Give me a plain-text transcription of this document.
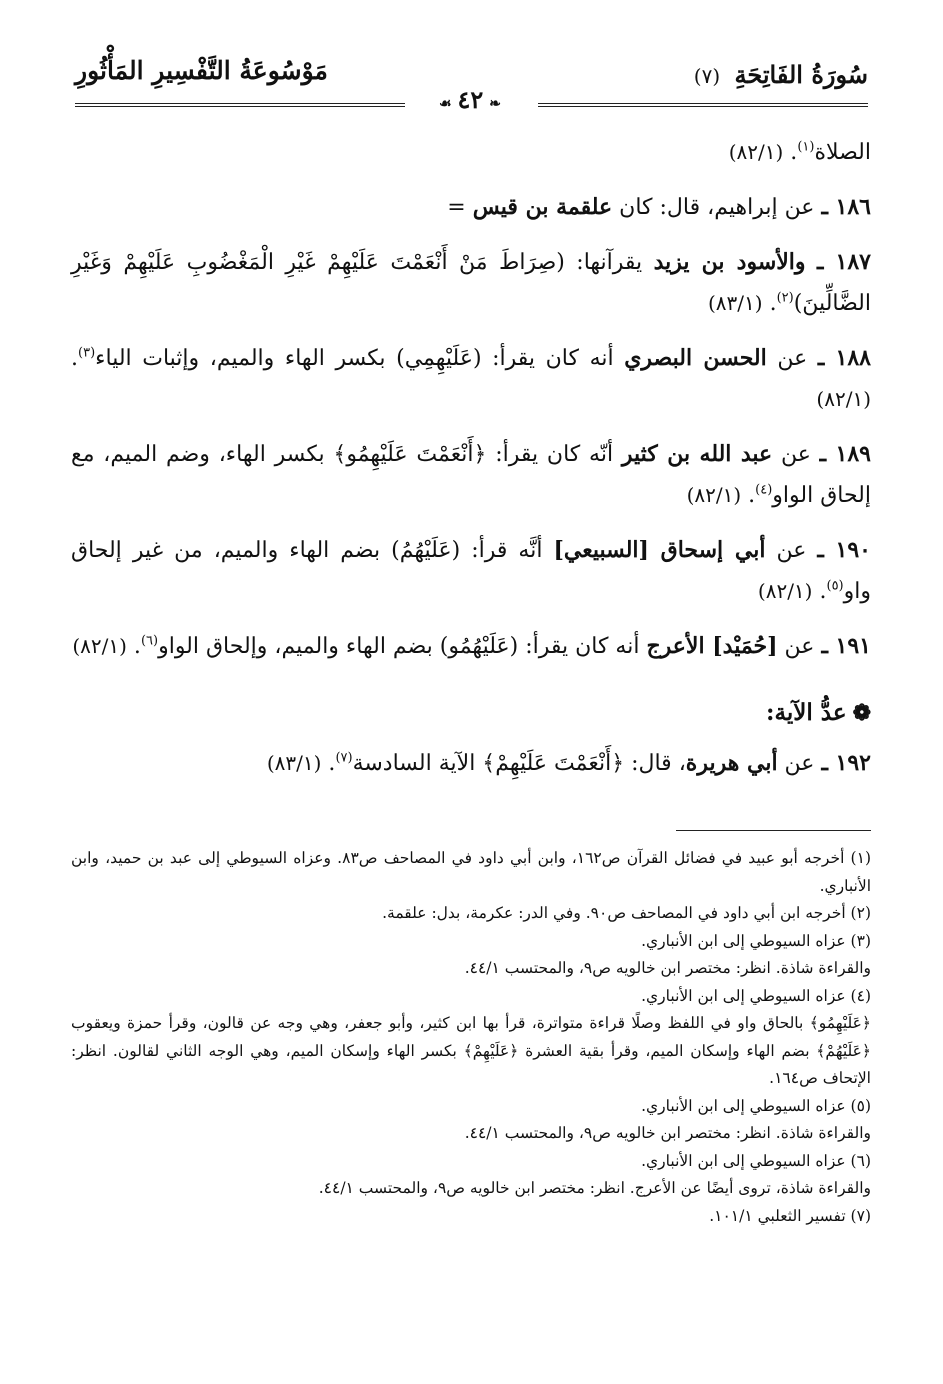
سُورَةُ الفَاتِحَةِ (٧)
مَوْسُوعَةُ التَّفْسِيرِ المَأْثُورِ
❧٤٢☙

الصلاة$^{(١)}$. (٨٢/١)

١٨٦ ـ عن إبراهيم، قال: كان علقمة بن قيس =

١٨٧ ـ والأسود بن يزيد يقرآنها: (صِرَاطَ مَنْ أَنْعَمْتَ عَلَيْهِمْ غَيْرِ الْمَغْضُوبِ عَلَيْهِمْ وَغَيْرِ الضَّالِّينَ)$^{(٢)}$. (٨٣/١)

١٨٨ ـ عن الحسن البصري أنه كان يقرأ: (عَلَيْهِمِي) بكسر الهاء والميم، وإثبات الياء$^{(٣)}$. (٨٢/١)

١٨٩ ـ عن عبد الله بن كثير أنّه كان يقرأ: ﴿أَنْعَمْتَ عَلَيْهِمُو﴾ بكسر الهاء، وضم الميم، مع إلحاق الواو$^{(٤)}$. (٨٢/١)

١٩٠ ـ عن أبي إسحاق [السبيعي] أنَّه قرأ: (عَلَيْهُمُ) بضم الهاء والميم، من غير إلحاق واو$^{(٥)}$. (٨٢/١)

١٩١ ـ عن [حُمَيْد] الأعرج أنه كان يقرأ: (عَلَيْهُمُو) بضم الهاء والميم، وإلحاق الواو$^{(٦)}$. (٨٢/١)

❁عدُّ الآية:

١٩٢ ـ عن أبي هريرة، قال: ﴿أَنْعَمْتَ عَلَيْهِمْ﴾ الآية السادسة$^{(٧)}$. (٨٣/١)

(١) أخرجه أبو عبيد في فضائل القرآن ص١٦٢، وابن أبي داود في المصاحف ص٨٣. وعزاه السيوطي إلى عبد بن حميد، وابن الأنباري.

(٢) أخرجه ابن أبي داود في المصاحف ص٩٠. وفي الدر: عكرمة، بدل: علقمة.

(٣) عزاه السيوطي إلى ابن الأنباري.

والقراءة شاذة. انظر: مختصر ابن خالويه ص٩، والمحتسب ٤٤/١.

(٤) عزاه السيوطي إلى ابن الأنباري.

﴿عَلَيْهِمُو﴾ بالحاق واو في اللفظ وصلًا قراءة متواترة، قرأ بها ابن كثير، وأبو جعفر، وهي وجه عن قالون، وقرأ حمزة ويعقوب ﴿عَلَيْهُمْ﴾ بضم الهاء وإسكان الميم، وقرأ بقية العشرة ﴿عَلَيْهِمْ﴾ بكسر الهاء وإسكان الميم، وهي الوجه الثاني لقالون. انظر: الإتحاف ص١٦٤.

(٥) عزاه السيوطي إلى ابن الأنباري.

والقراءة شاذة. انظر: مختصر ابن خالويه ص٩، والمحتسب ٤٤/١.

(٦) عزاه السيوطي إلى ابن الأنباري.

والقراءة شاذة، تروى أيضًا عن الأعرج. انظر: مختصر ابن خالويه ص٩، والمحتسب ٤٤/١.

(٧) تفسير الثعلبي ١٠١/١.
